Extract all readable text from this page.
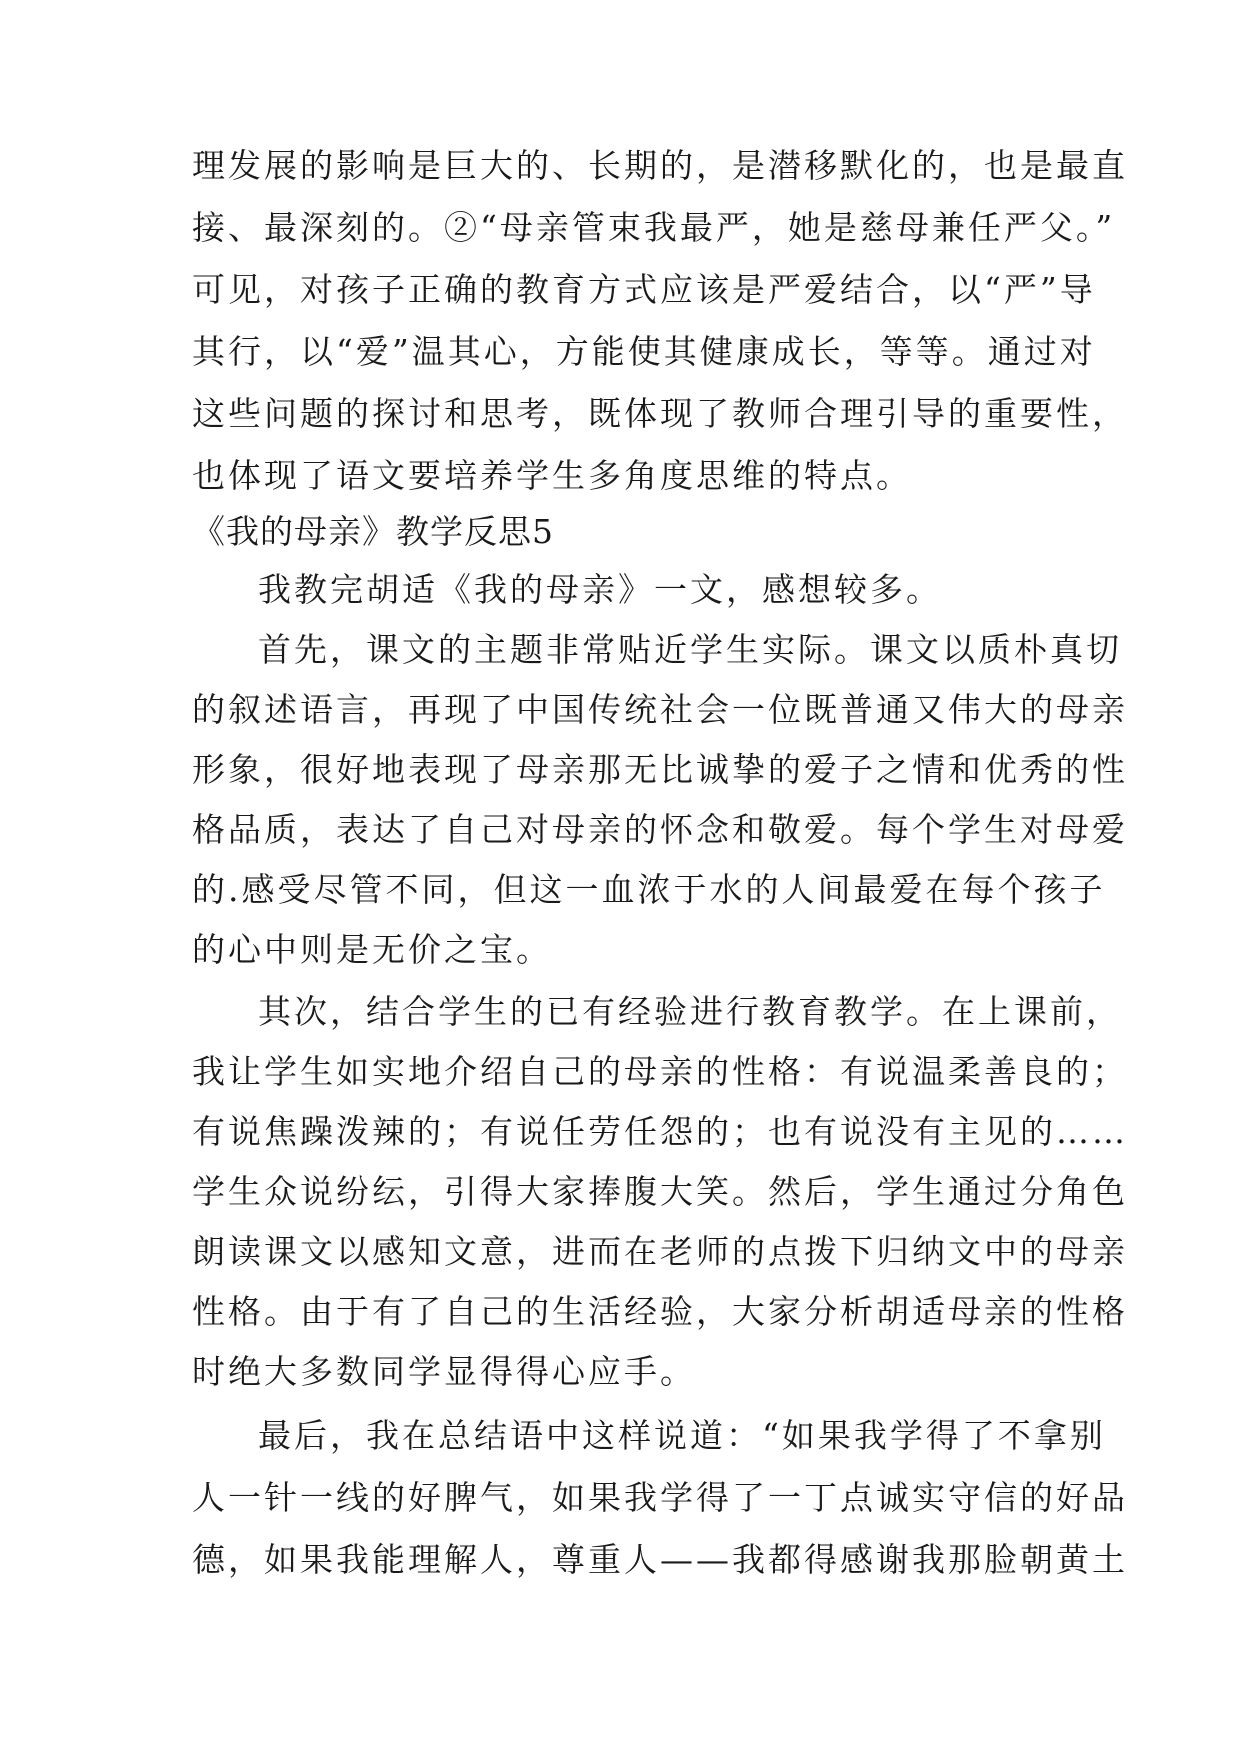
理发展的影响是巨大的、长期的，是潜移默化的，也是最直
接、最深刻的。②“母亲管束我最严，她是慈母兼任严父。”
可见，对孩子正确的教育方式应该是严爱结合，以“严”导
其行，以“爱”温其心，方能使其健康成长，等等。通过对
这些问题的探讨和思考，既体现了教师合理引导的重要性，
也体现了语文要培养学生多角度思维的特点。
《我的母亲》教学反思5
我教完胡适《我的母亲》一文，感想较多。
首先，课文的主题非常贴近学生实际。课文以质朴真切
的叙述语言，再现了中国传统社会一位既普通又伟大的母亲
形象，很好地表现了母亲那无比诚挚的爱子之情和优秀的性
格品质，表达了自己对母亲的怀念和敬爱。每个学生对母爱
的.感受尽管不同，但这一血浓于水的人间最爱在每个孩子
的心中则是无价之宝。
其次，结合学生的已有经验进行教育教学。在上课前，
我让学生如实地介绍自己的母亲的性格：有说温柔善良的；
有说焦躁泼辣的；有说任劳任怨的；也有说没有主见的……
学生众说纷纭，引得大家捧腹大笑。然后，学生通过分角色
朗读课文以感知文意，进而在老师的点拨下归纳文中的母亲
性格。由于有了自己的生活经验，大家分析胡适母亲的性格
时绝大多数同学显得得心应手。
最后，我在总结语中这样说道：“如果我学得了不拿别
人一针一线的好脾气，如果我学得了一丁点诚实守信的好品
德，如果我能理解人，尊重人——我都得感谢我那脸朝黄土
